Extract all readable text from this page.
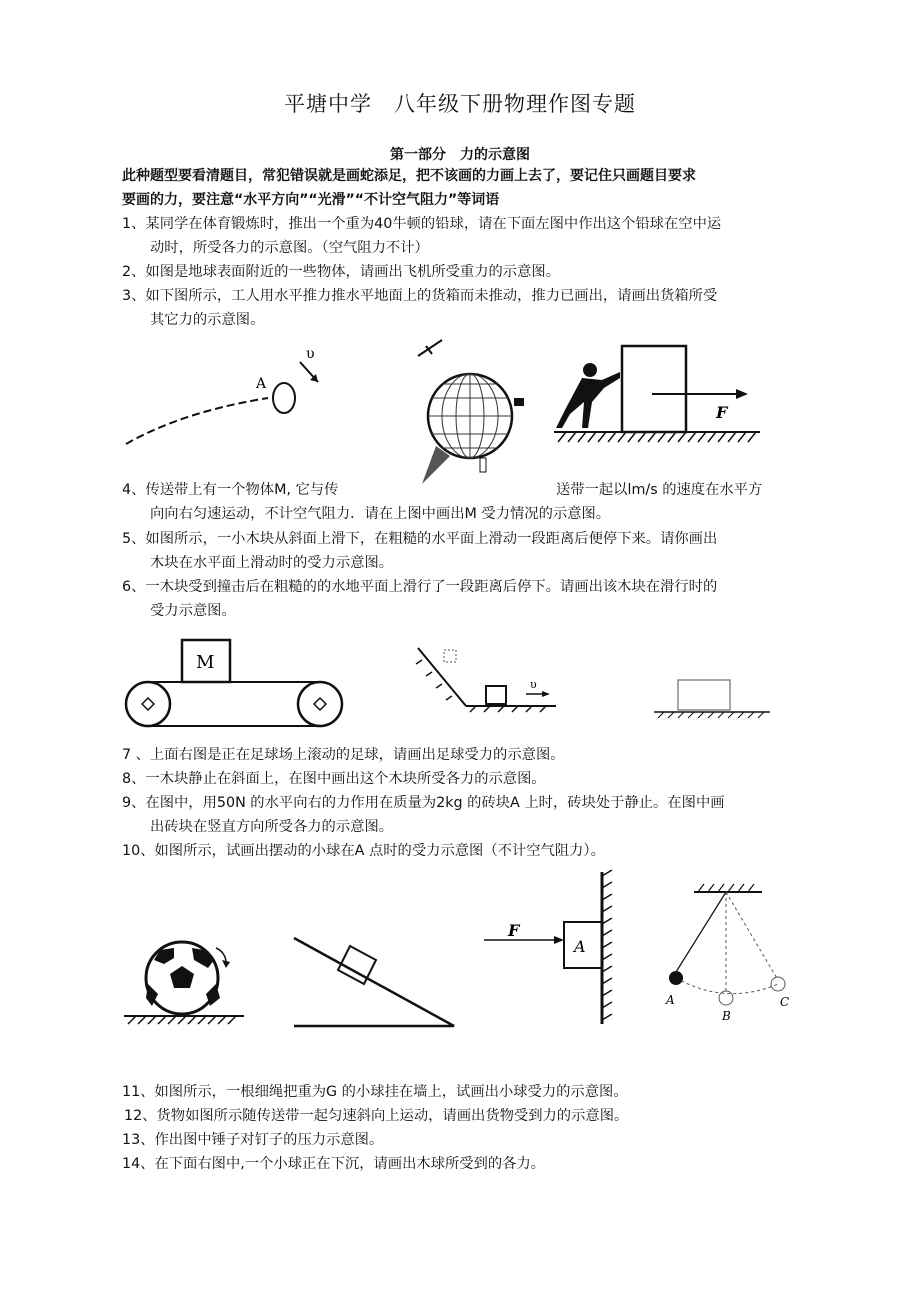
平塘中学　八年级下册物理作图专题
第一部分　力的示意图
此种题型要看清题目，常犯错误就是画蛇添足，把不该画的力画上去了，要记住只画题目要求
要画的力，要注意“水平方向”“光滑”“不计空气阻力”等词语
1、某同学在体育锻炼时，推出一个重为40牛顿的铅球，请在下面左图中作出这个铅球在空中运
动时，所受各力的示意图。（空气阻力不计）
2、如图是地球表面附近的一些物体，请画出飞机所受重力的示意图。
3、如下图所示，工人用水平推力推水平地面上的货箱而未推动，推力已画出，请画出货箱所受
其它力的示意图。
A
υ
F
4、传送带上有一个物体M, 它与传	送带一起以lm/s 的速度在水平方
向向右匀速运动，不计空气阻力．请在上图中画出M 受力情况的示意图。
5、如图所示，一小木块从斜面上滑下，在粗糙的水平面上滑动一段距离后便停下来。请你画出
木块在水平面上滑动时的受力示意图。
6、一木块受到撞击后在粗糙的的水地平面上滑行了一段距离后停下。请画出该木块在滑行时的
受力示意图。
M
υ
7 、上面右图是正在足球场上滚动的足球，请画出足球受力的示意图。
8、一木块静止在斜面上，在图中画出这个木块所受各力的示意图。
9、在图中，用50N 的水平向右的力作用在质量为2kg 的砖块A 上时，砖块处于静止。在图中画
出砖块在竖直方向所受各力的示意图。
10、如图所示，试画出摆动的小球在A 点时的受力示意图（不计空气阻力）。
A
F
A
B
C
11、如图所示，一根细绳把重为G 的小球挂在墙上，试画出小球受力的示意图。
12、货物如图所示随传送带一起匀速斜向上运动，请画出货物受到力的示意图。
13、作出图中锤子对钉子的压力示意图。
14、在下面右图中,一个小球正在下沉，请画出木球所受到的各力。
